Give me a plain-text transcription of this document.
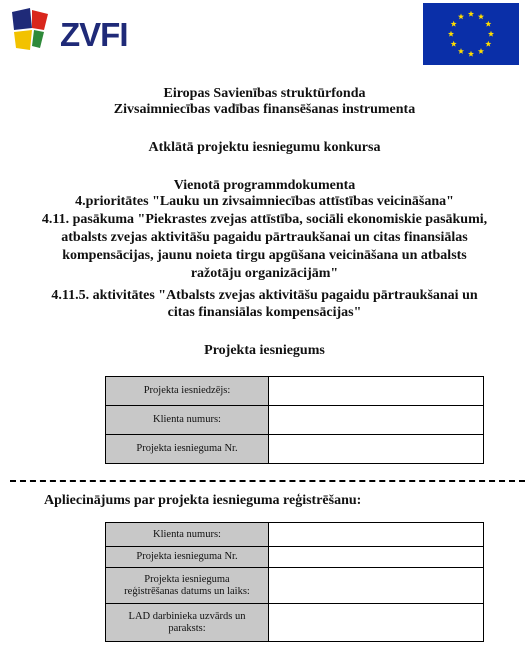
ZVFI
Eiropas Savienības struktūrfonda
Zivsaimniecības vadības finansēšanas instrumenta
Atklātā projektu iesniegumu konkursa
Vienotā programmdokumenta
4.prioritātes "Lauku un zivsaimniecības attīstības veicināšana"
4.11. pasākuma "Piekrastes zvejas attīstība, sociāli ekonomiskie pasākumi,
atbalsts zvejas aktivitāšu pagaidu pārtraukšanai un citas finansiālas
kompensācijas, jaunu noieta tirgu apgūšana veicināšana un atbalsts
ražotāju organizācijām"
4.11.5. aktivitātes "Atbalsts zvejas aktivitāšu pagaidu pārtraukšanai un
citas finansiālas kompensācijas"
Projekta iesniegums
Projekta iesniedzējs:	
Klienta numurs:	
Projekta iesnieguma Nr.	
Apliecinājums par projekta iesnieguma reģistrēšanu:
Klienta numurs:	
Projekta iesnieguma Nr.	

Projekta iesnieguma
reģistrēšanas datums un laiks:	

LAD darbinieka uzvārds un
paraksts:	
